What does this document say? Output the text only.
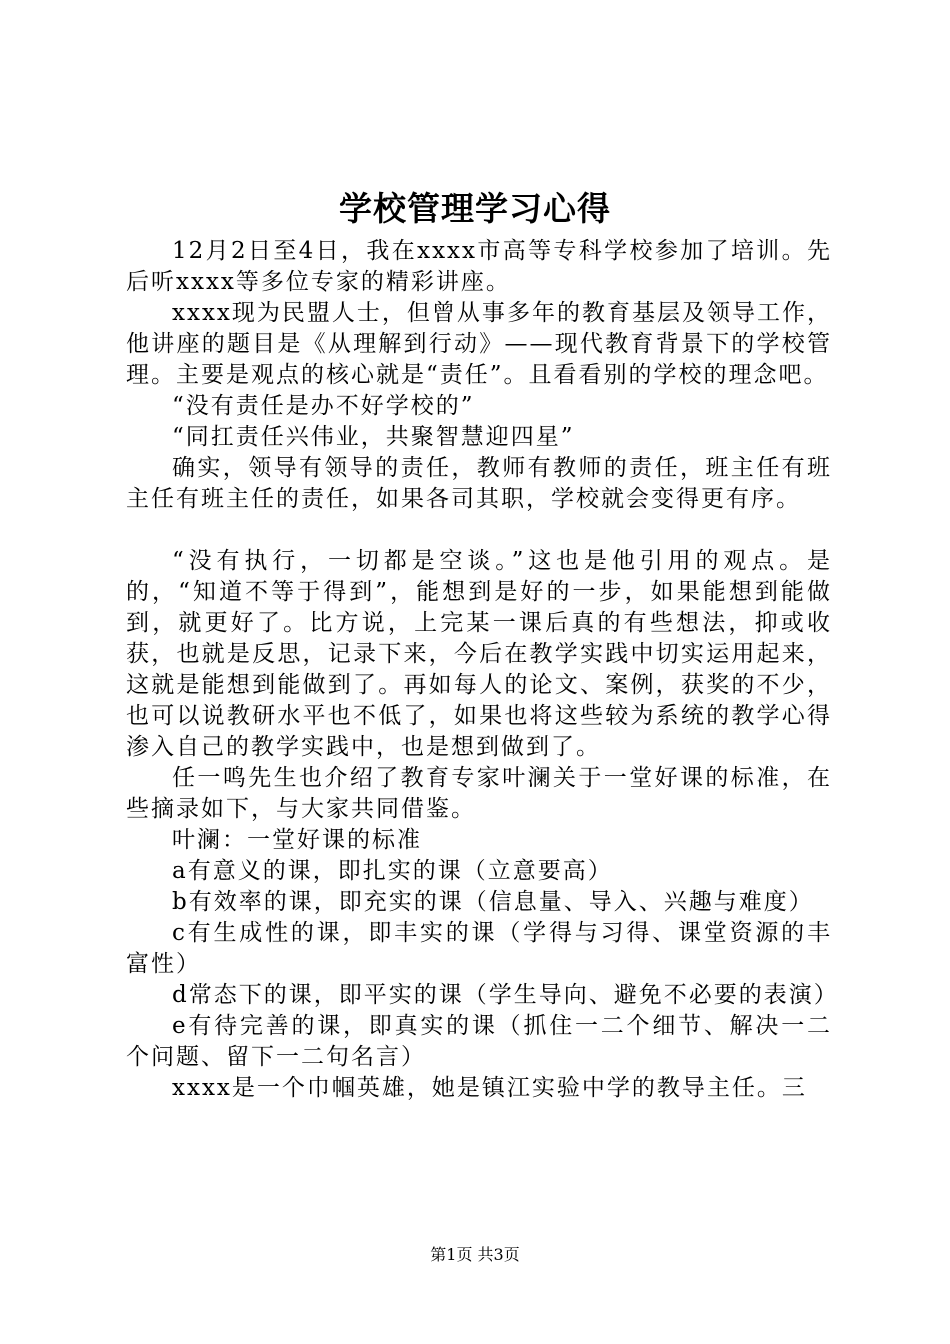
学校管理学习心得

12月2日至4日，我在xxxx市高等专科学校参加了培训。先后听xxxx等多位专家的精彩讲座。

xxxx现为民盟人士，但曾从事多年的教育基层及领导工作，他讲座的题目是《从理解到行动》——现代教育背景下的学校管理。主要是观点的核心就是“责任”。且看看别的学校的理念吧。

“没有责任是办不好学校的”

“同扛责任兴伟业，共聚智慧迎四星”

确实，领导有领导的责任，教师有教师的责任，班主任有班主任有班主任的责任，如果各司其职，学校就会变得更有序。

“没有执行，一切都是空谈。”这也是他引用的观点。是的，“知道不等于得到”，能想到是好的一步，如果能想到能做到，就更好了。比方说，上完某一课后真的有些想法，抑或收获，也就是反思，记录下来，今后在教学实践中切实运用起来，这就是能想到能做到了。再如每人的论文、案例，获奖的不少，也可以说教研水平也不低了，如果也将这些较为系统的教学心得渗入自己的教学实践中，也是想到做到了。

任一鸣先生也介绍了教育专家叶澜关于一堂好课的标准，在些摘录如下，与大家共同借鉴。

叶澜：一堂好课的标准

a有意义的课，即扎实的课（立意要高）

b有效率的课，即充实的课（信息量、导入、兴趣与难度）

c有生成性的课，即丰实的课（学得与习得、课堂资源的丰富性）

d常态下的课，即平实的课（学生导向、避免不必要的表演）

e有待完善的课，即真实的课（抓住一二个细节、解决一二个问题、留下一二句名言）

xxxx是一个巾帼英雄，她是镇江实验中学的教导主任。三

第1页 共3页
